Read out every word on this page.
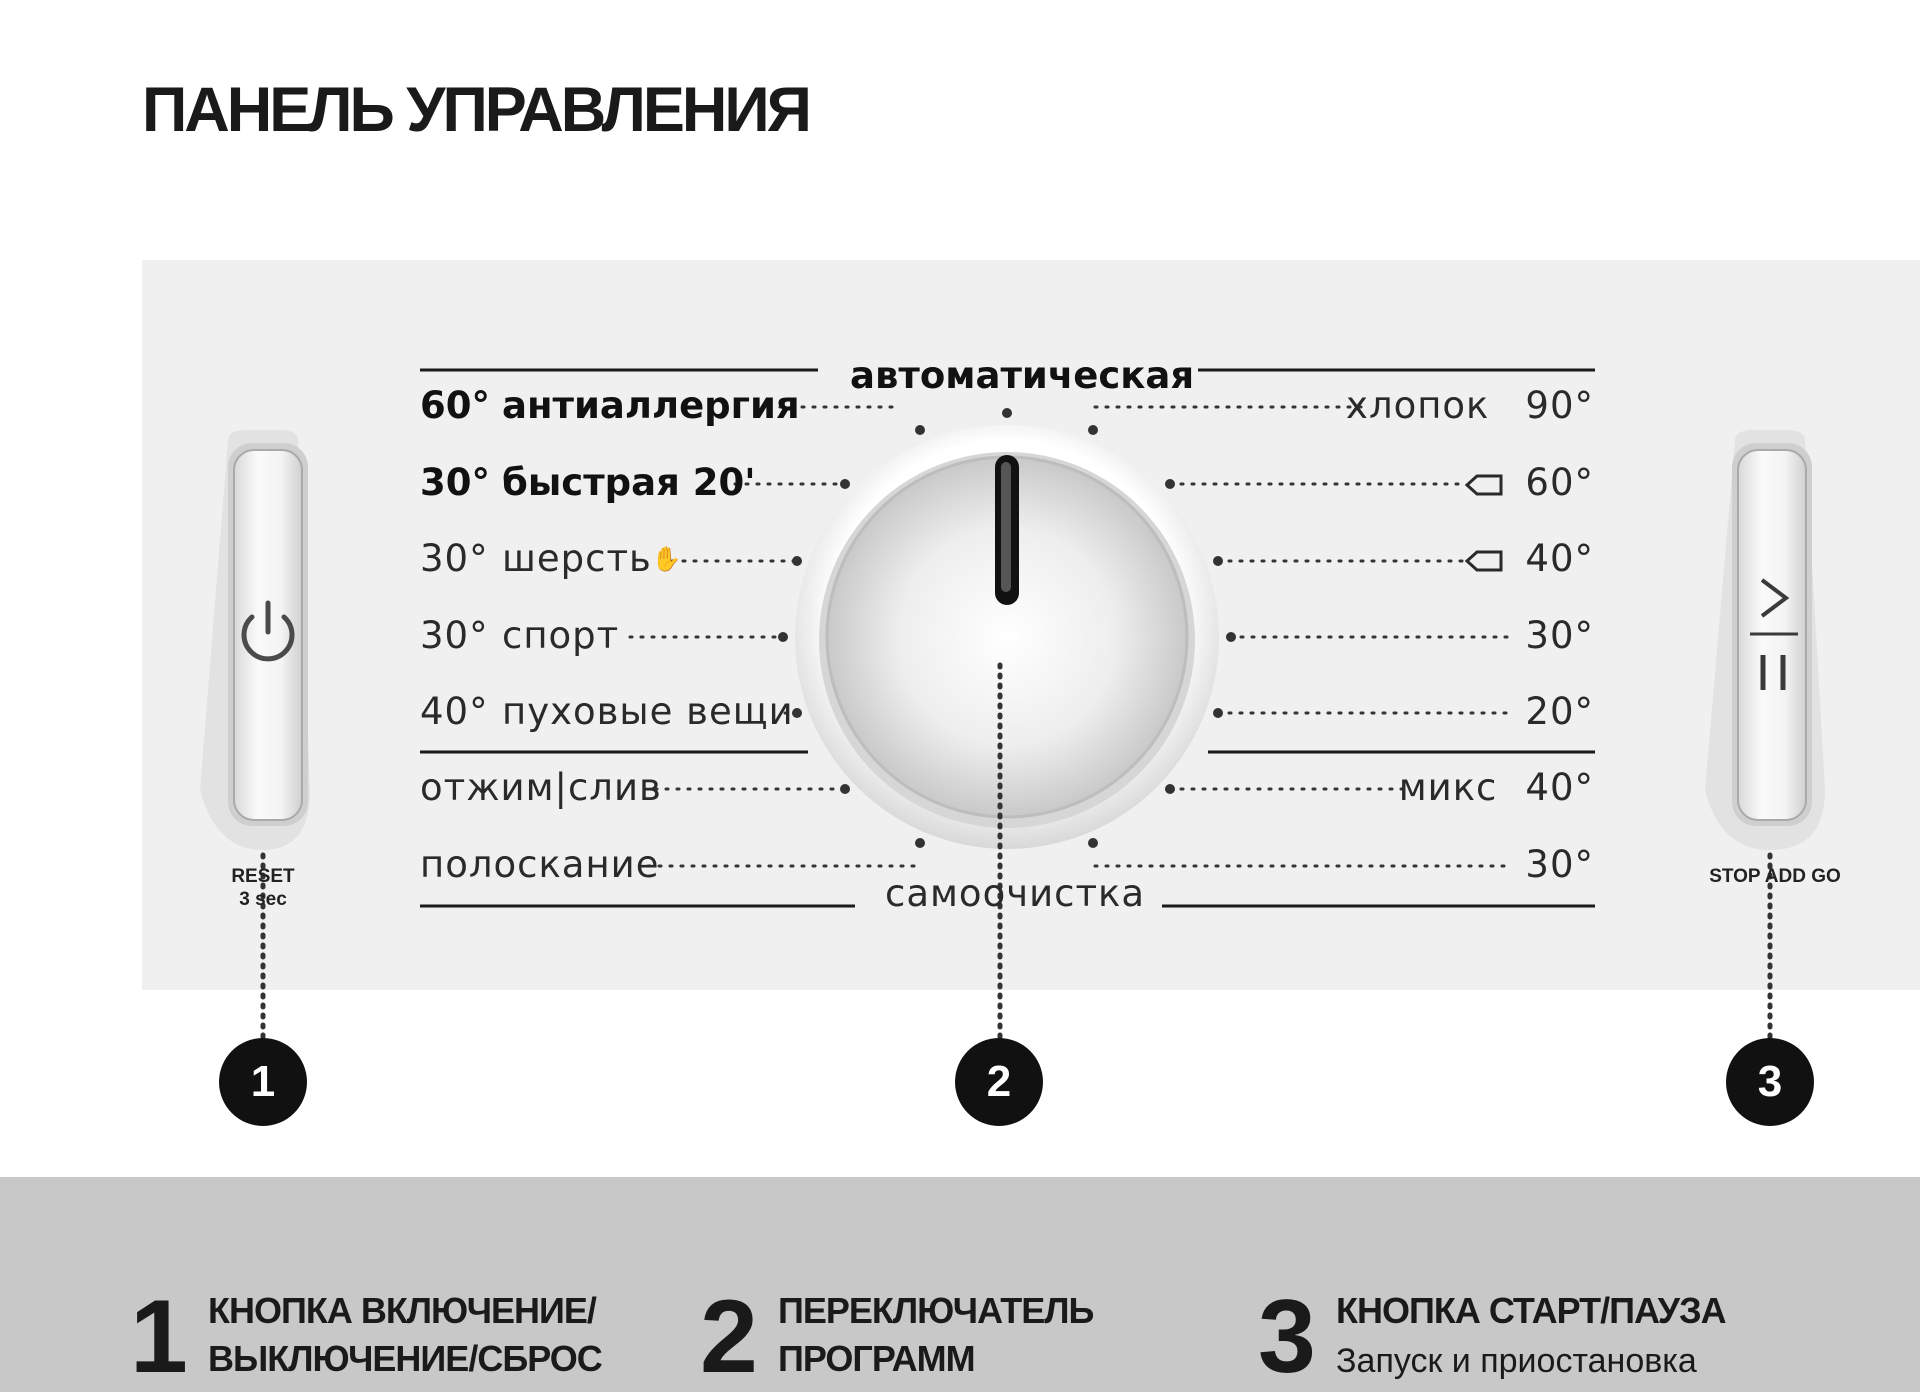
ПАНЕЛЬ УПРАВЛЕНИЯ
автоматическая
самоочистка
60° антиаллергия
30° быстрая 20'
30° шерсть✋
30° спорт
40° пуховые вещи
отжим|слив
полоскание
хлопок 90°
60°
40°
30°
20°
микс 40°
30°
RESET
3 sec
STOP ADD GO
1	2	3
1 КНОПКА ВКЛЮЧЕНИЕ/
ВЫКЛЮЧЕНИЕ/СБРОС 2 ПЕРЕКЛЮЧАТЕЛЬ
ПРОГРАММ	3 КНОПКА СТАРТ/ПАУЗА
Запуск и приостановка
